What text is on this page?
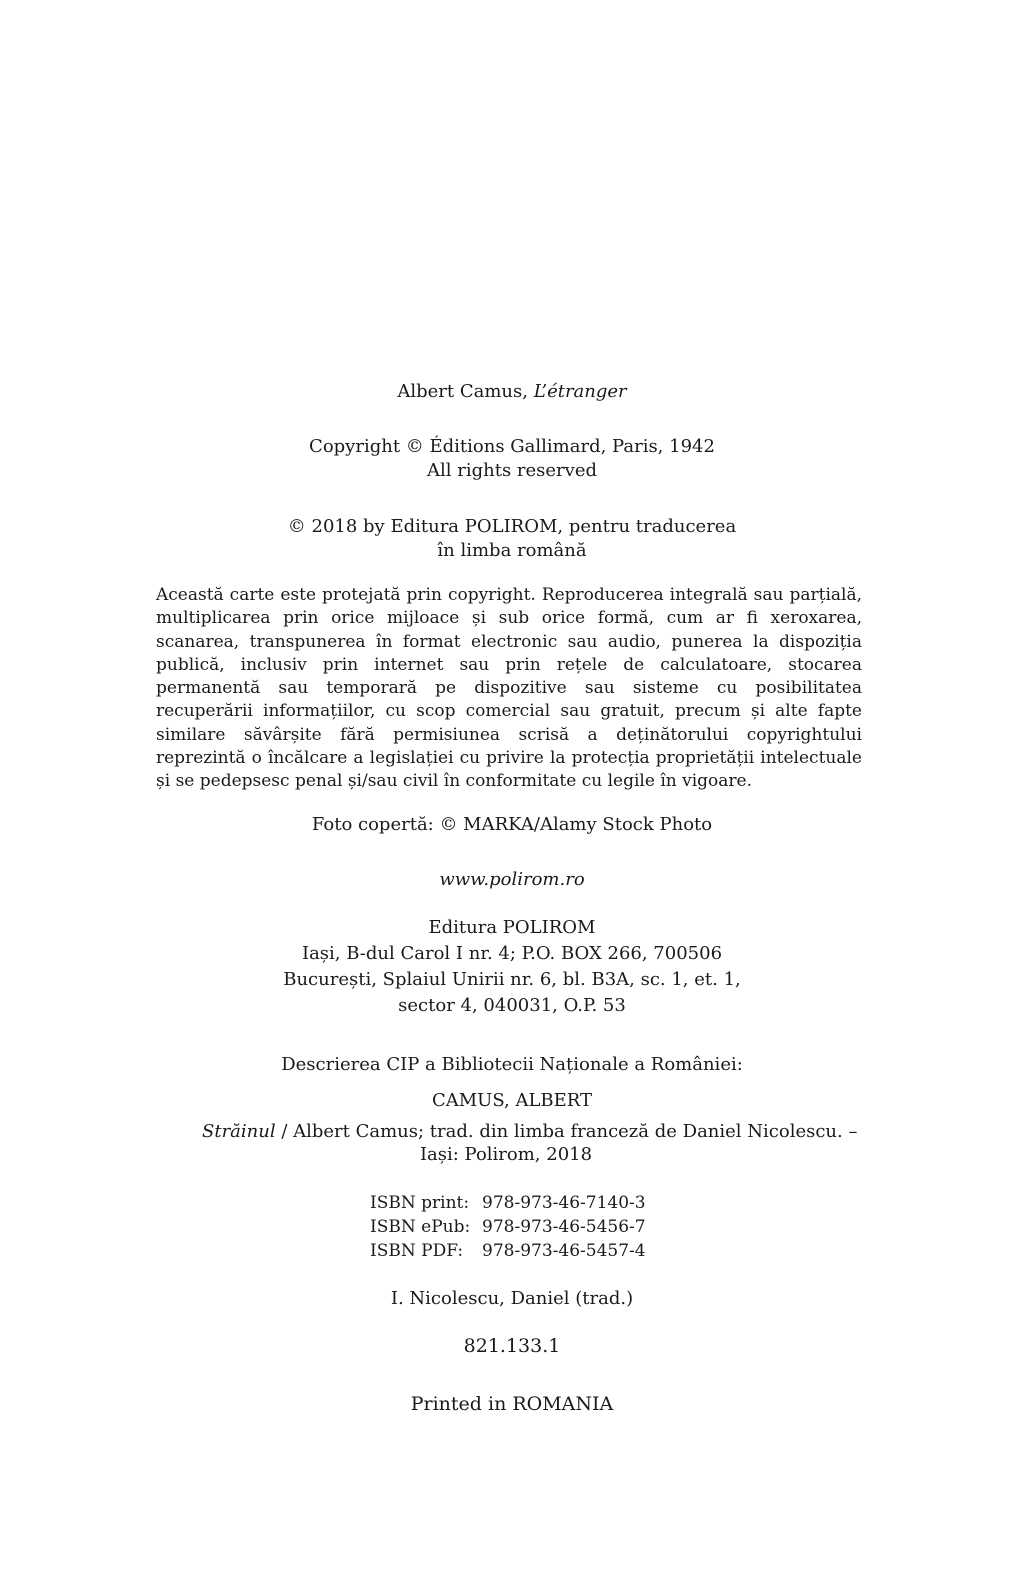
Albert Camus, L’étranger
Copyright © Éditions Gallimard, Paris, 1942
All rights reserved
© 2018 by Editura POLIROM, pentru traducerea
în limba română
Această carte este protejată prin copyright. Reproducerea integrală sau parțială, multiplicarea prin orice mijloace și sub orice formă, cum ar fi xeroxarea, scanarea, transpunerea în format electronic sau audio, punerea la dispoziția publică, inclusiv prin internet sau prin rețele de calculatoare, stocarea permanentă sau temporară pe dispozitive sau sisteme cu posibilitatea recuperării informațiilor, cu scop comercial sau gratuit, precum și alte fapte similare săvârșite fără permisiunea scrisă a deținătorului copyrightului reprezintă o încălcare a legislației cu privire la protecția proprietății intelectuale și se pedepsesc penal și/sau civil în conformitate cu legile în vigoare.
Foto copertă: © MARKA/Alamy Stock Photo
www.polirom.ro
Editura POLIROM
Iași, B-dul Carol I nr. 4; P.O. BOX 266, 700506
București, Splaiul Unirii nr. 6, bl. B3A, sc. 1, et. 1,
sector 4, 040031, O.P. 53
Descrierea CIP a Bibliotecii Naționale a României:
CAMUS, ALBERT
Străinul / Albert Camus; trad. din limba franceză de Daniel Nicolescu. –
Iași: Polirom, 2018
ISBN print: 978-973-46-7140-3
ISBN ePub: 978-973-46-5456-7
ISBN PDF: 978-973-46-5457-4
I. Nicolescu, Daniel (trad.)
821.133.1
Printed in ROMANIA
